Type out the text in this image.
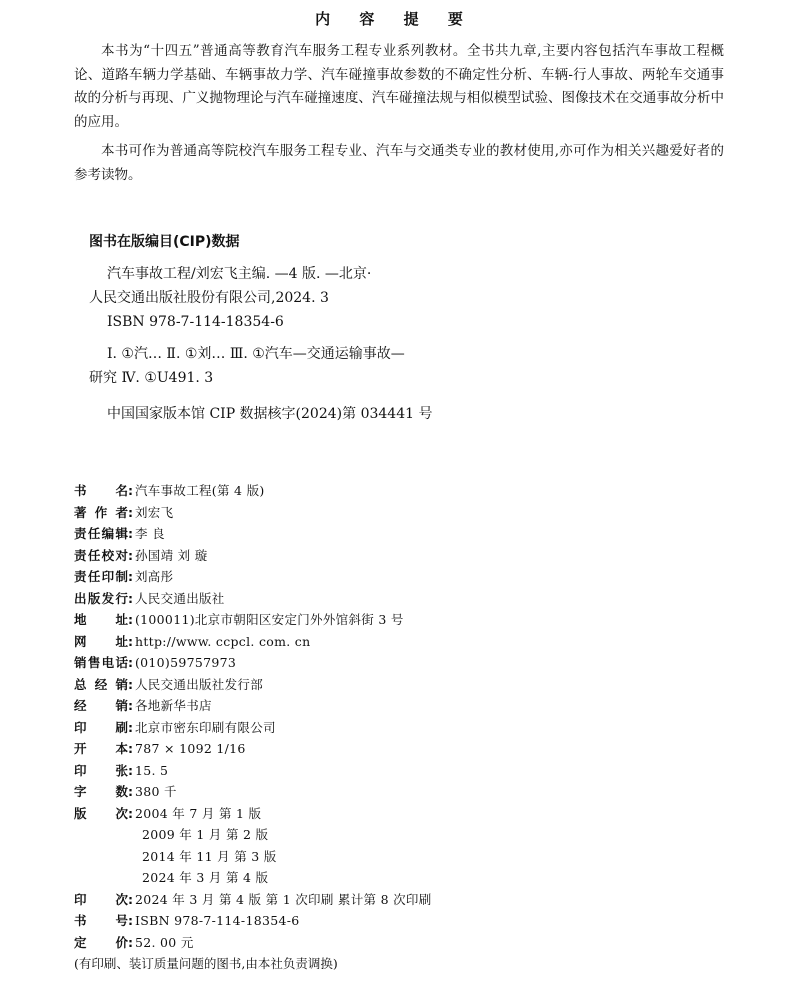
内 容 提 要

本书为“十四五”普通高等教育汽车服务工程专业系列教材。全书共九章,主要内容包括汽车事故工程概论、道路车辆力学基础、车辆事故力学、汽车碰撞事故参数的不确定性分析、车辆-行人事故、两轮车交通事故的分析与再现、广义抛物理论与汽车碰撞速度、汽车碰撞法规与相似模型试验、图像技术在交通事故分析中的应用。

本书可作为普通高等院校汽车服务工程专业、汽车与交通类专业的教材使用,亦可作为相关兴趣爱好者的参考读物。

图书在版编目(CIP)数据
汽车事故工程/刘宏飞主编. —4 版. —北京·
人民交通出版社股份有限公司,2024. 3
ISBN 978-7-114-18354-6
Ⅰ. ①汽… Ⅱ. ①刘… Ⅲ. ①汽车—交通运输事故—
研究 Ⅳ. ①U491. 3
中国国家版本馆 CIP 数据核字(2024)第 034441 号
书名 : 汽车事故工程(第 4 版)
著作者 : 刘宏飞
责任编辑 : 李 良
责任校对 : 孙国靖 刘 璇
责任印制 : 刘高彤
出版发行 : 人民交通出版社
地址 : (100011)北京市朝阳区安定门外外馆斜街 3 号
网址 : http://www. ccpcl. com. cn
销售电话 : (010)59757973
总经销 : 人民交通出版社发行部
经销 : 各地新华书店
印刷 : 北京市密东印刷有限公司
开本 : 787 × 1092 1/16
印张 : 15. 5
字数 : 380 千
版次 : 2004 年 7 月 第 1 版
2009 年 1 月 第 2 版
2014 年 11 月 第 3 版
2024 年 3 月 第 4 版
印次 : 2024 年 3 月 第 4 版 第 1 次印刷 累计第 8 次印刷
书号 : ISBN 978-7-114-18354-6
定价 : 52. 00 元
(有印刷、装订质量问题的图书,由本社负责调换)
